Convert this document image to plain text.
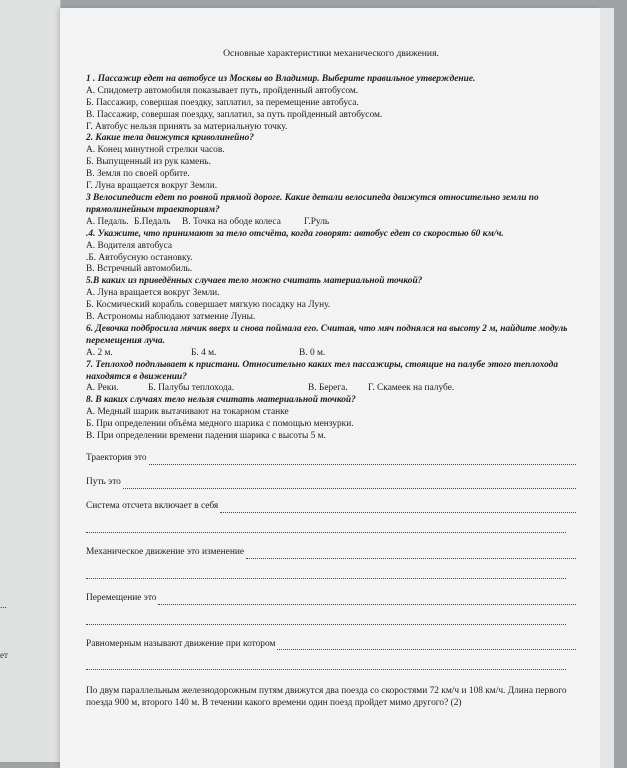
...
ет
Основные характеристики механического движения.
1 . Пассажир едет на автобусе из Москвы во Владимир. Выберите правильное утверждение.
А. Спидометр автомобиля показывает путь, пройденный автобусом.
Б. Пассажир, совершая поездку, заплатил, за перемещение автобуса.
В. Пассажир, совершая поездку, заплатил, за путь пройденный автобусом.
Г. Автобус нельзя принять за материальную точку.
2. Какие тела движутся криволинейно?
А. Конец минутной стрелки часов.
Б. Выпущенный из рук камень.
В. Земля по своей орбите.
Г. Луна вращается вокруг Земли.
3 Велосипедист едет по ровной прямой дороге. Какие детали велосипеда движутся относительно земли по прямолинейным траекториям?
А. Педаль. Б.Педаль	В. Точка на ободе колеса	Г.Руль
.4. Укажите, что принимают за тело отсчёта, когда говорят: автобус едет со скоростью 60 км/ч.
А. Водителя автобуса
.Б. Автобусную остановку.
В. Встречный автомобиль.
5.В каких из приведённых случаев тело можно считать материальной точкой?
А. Луна вращается вокруг Земли.
Б. Космический корабль совершает мягкую посадку на Луну.
В. Астрономы наблюдают затмение Луны.
6. Девочка подбросила мячик вверх и снова поймала его. Считая, что мяч поднялся на высоту 2 м, найдите модуль перемещения луча.
А. 2 м.	Б. 4 м.	В. 0 м.
7. Теплоход подплывает к пристани. Относительно каких тел пассажиры, стоящие на палубе этого теплохода находятся в движении?
А. Реки.	Б. Палубы теплохода.	В. Берега.	Г. Скамеек на палубе.
8. В каких случаях тело нельзя считать материальной точкой?
А. Медный шарик вытачивают на токарном станке
Б. При определении объёма медного шарика с помощью мензурки.
В. При определении времени падения шарика с высоты 5 м.
Траектория это
Путь это
Система отсчета включает в себя
Механическое движение это изменение
Перемещение это
Равномерным называют движение при котором
По двум параллельным железнодорожным путям движутся два поезда со скоростями 72 км/ч и 108 км/ч. Длина первого поезда 900 м, второго 140 м. В течении какого времени один поезд пройдет мимо другого? (2)
